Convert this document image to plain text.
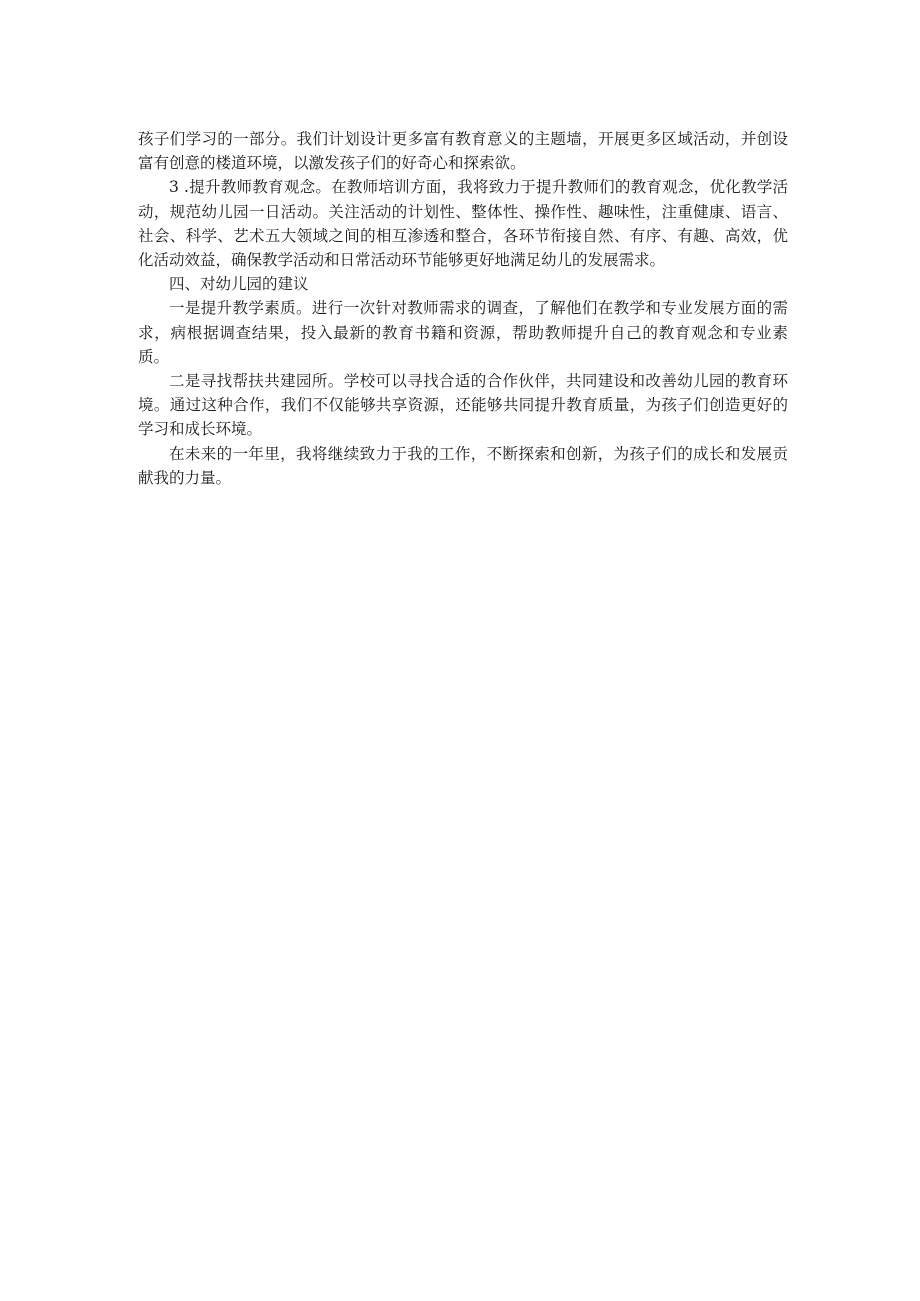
孩子们学习的一部分。我们计划设计更多富有教育意义的主题墙，开展更多区域活动，并创设富有创意的楼道环境，以激发孩子们的好奇心和探索欲。

3 .提升教师教育观念。在教师培训方面，我将致力于提升教师们的教育观念，优化教学活动，规范幼儿园一日活动。关注活动的计划性、整体性、操作性、趣味性，注重健康、语言、社会、科学、艺术五大领域之间的相互渗透和整合，各环节衔接自然、有序、有趣、高效，优化活动效益，确保教学活动和日常活动环节能够更好地满足幼儿的发展需求。

四、对幼儿园的建议

一是提升教学素质。进行一次针对教师需求的调查，了解他们在教学和专业发展方面的需求，病根据调查结果，投入最新的教育书籍和资源，帮助教师提升自己的教育观念和专业素质。

二是寻找帮扶共建园所。学校可以寻找合适的合作伙伴，共同建设和改善幼儿园的教育环境。通过这种合作，我们不仅能够共享资源，还能够共同提升教育质量，为孩子们创造更好的学习和成长环境。

在未来的一年里，我将继续致力于我的工作，不断探索和创新，为孩子们的成长和发展贡献我的力量。
